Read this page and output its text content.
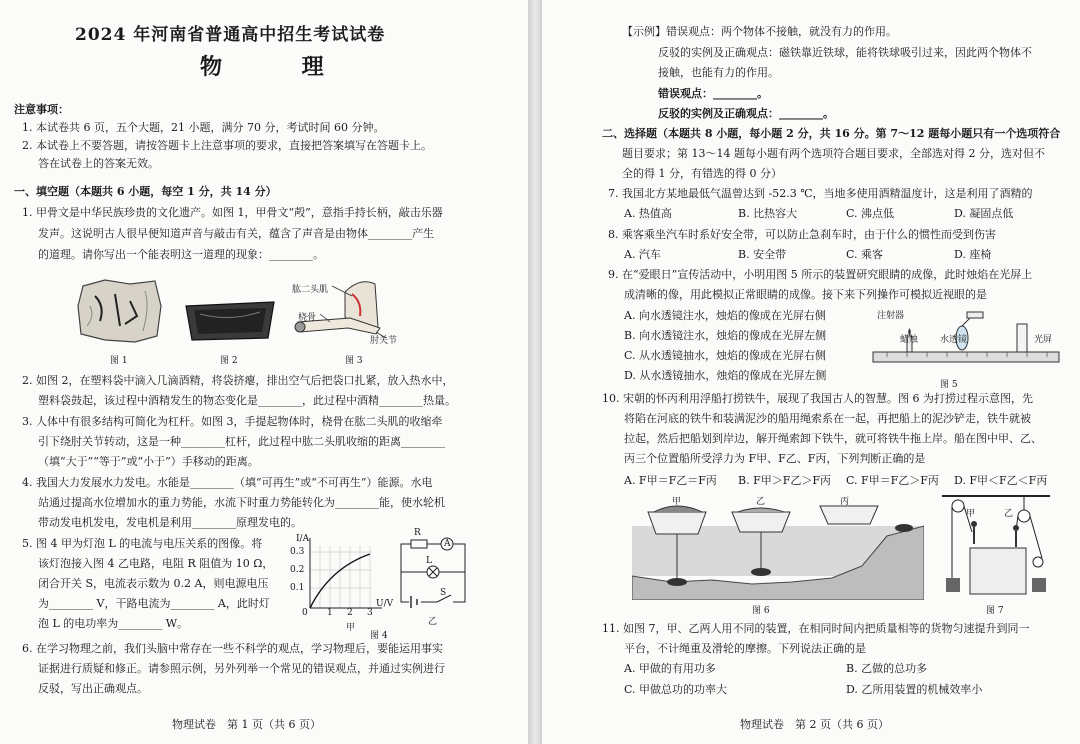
2024 年河南省普通高中招生考试试卷
物 理
注意事项：
1. 本试卷共 6 页，五个大题，21 小题，满分 70 分，考试时间 60 分钟。
2. 本试卷上不要答题，请按答题卡上注意事项的要求，直接把答案填写在答题卡上。
答在试卷上的答案无效。
一、填空题（本题共 6 小题，每空 1 分，共 14 分）
1. 甲骨文是中华民族珍贵的文化遗产。如图 1，甲骨文“殸”，意指手持长柄，敲击乐器
发声。这说明古人很早便知道声音与敲击有关，蕴含了声音是由物体________产生
的道理。请你写出一个能表明这一道理的现象：________。
图 1	图 2
肱二头肌
桡骨
肘关节
图 3
2. 如图 2，在塑料袋中滴入几滴酒精，将袋挤瘪，排出空气后把袋口扎紧，放入热水中，
塑料袋鼓起，该过程中酒精发生的物态变化是________，此过程中酒精________热量。
3. 人体中有很多结构可简化为杠杆。如图 3，手提起物体时，桡骨在肱二头肌的收缩牵
引下绕肘关节转动，这是一种________杠杆，此过程中肱二头肌收缩的距离________
（填“大于”“等于”或“小于”）手移动的距离。
4. 我国大力发展水力发电。水能是________（填“可再生”或“不可再生”）能源。水电
站通过提高水位增加水的重力势能，水流下时重力势能转化为________能，使水轮机
带动发电机发电，发电机是利用________原理发电的。
5. 图 4 甲为灯泡 L 的电流与电压关系的图像。将
该灯泡接入图 4 乙电路，电阻 R 阻值为 10 Ω，
闭合开关 S，电流表示数为 0.2 A，则电源电压
为________ V，干路电流为________ A，此时灯
泡 L 的电功率为________ W。
I/A
0.3
0.2
0.1
0 1 2 3
U/V
甲
R
A
L
S
乙
图 4
6. 在学习物理之前，我们头脑中常存在一些不科学的观点，学习物理后，要能运用事实
证据进行质疑和修正。请参照示例，另外列举一个常见的错误观点，并通过实例进行
反驳，写出正确观点。
物理试卷　第 1 页（共 6 页）
【示例】错误观点：两个物体不接触，就没有力的作用。
反驳的实例及正确观点：磁铁靠近铁球，能将铁球吸引过来，因此两个物体不
接触，也能有力的作用。
错误观点：________。
反驳的实例及正确观点：________。
二、选择题（本题共 8 小题，每小题 2 分，共 16 分。第 7～12 题每小题只有一个选项符合
题目要求；第 13～14 题每小题有两个选项符合题目要求，全部选对得 2 分，选对但不
全的得 1 分，有错选的得 0 分）
7. 我国北方某地最低气温曾达到 -52.3 ℃，当地多使用酒精温度计，这是利用了酒精的
A. 热值高	B. 比热容大	C. 沸点低	D. 凝固点低
8. 乘客乘坐汽车时系好安全带，可以防止急刹车时，由于什么的惯性而受到伤害
A. 汽车	B. 安全带	C. 乘客	D. 座椅
9. 在“爱眼日”宣传活动中，小明用图 5 所示的装置研究眼睛的成像，此时烛焰在光屏上
成清晰的像，用此模拟正常眼睛的成像。接下来下列操作可模拟近视眼的是
A. 向水透镜注水，烛焰的像成在光屏右侧
B. 向水透镜注水，烛焰的像成在光屏左侧
C. 从水透镜抽水，烛焰的像成在光屏右侧
D. 从水透镜抽水，烛焰的像成在光屏左侧
注射器
蜡烛 水透镜	光屏
图 5
10. 宋朝的怀丙利用浮船打捞铁牛，展现了我国古人的智慧。图 6 为打捞过程示意图，先
将陷在河底的铁牛和装满泥沙的船用绳索系在一起，再把船上的泥沙铲走，铁牛就被
拉起，然后把船划到岸边，解开绳索卸下铁牛，就可将铁牛拖上岸。船在图中甲、乙、
丙三个位置船所受浮力为 F甲、F乙、F丙，下列判断正确的是
A. F甲＝F乙＝F丙 B. F甲＞F乙＞F丙 C. F甲＝F乙＞F丙 D. F甲＜F乙＜F丙
甲	乙	丙
图 6
甲	乙
图 7
11. 如图 7，甲、乙两人用不同的装置，在相同时间内把质量相等的货物匀速提升到同一
平台，不计绳重及滑轮的摩擦。下列说法正确的是
A. 甲做的有用功多	B. 乙做的总功多
C. 甲做总功的功率大	D. 乙所用装置的机械效率小
物理试卷　第 2 页（共 6 页）
